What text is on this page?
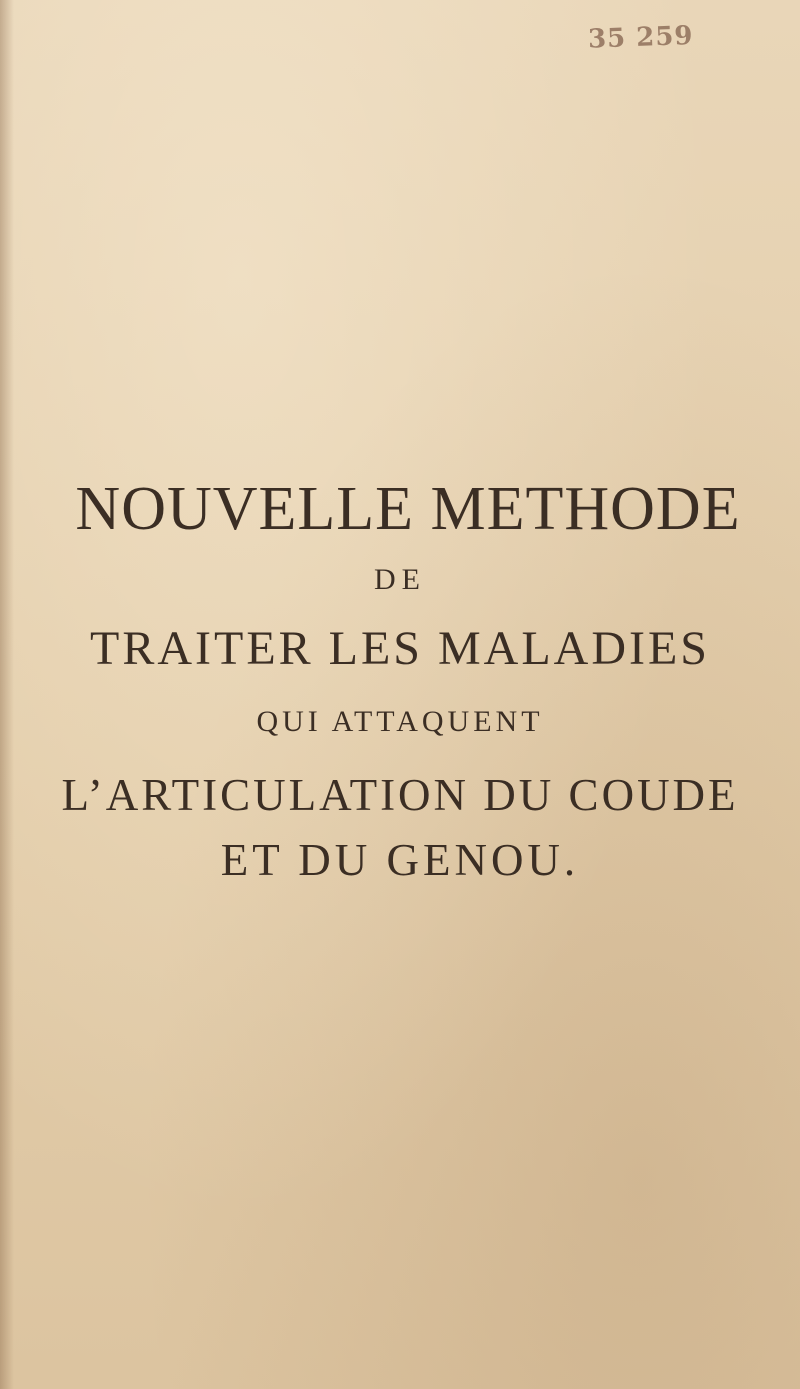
35 259
NOUVELLE METHODE
DE
TRAITER LES MALADIES
QUI ATTAQUENT
L’ARTICULATION DU COUDE
ET DU GENOU.
